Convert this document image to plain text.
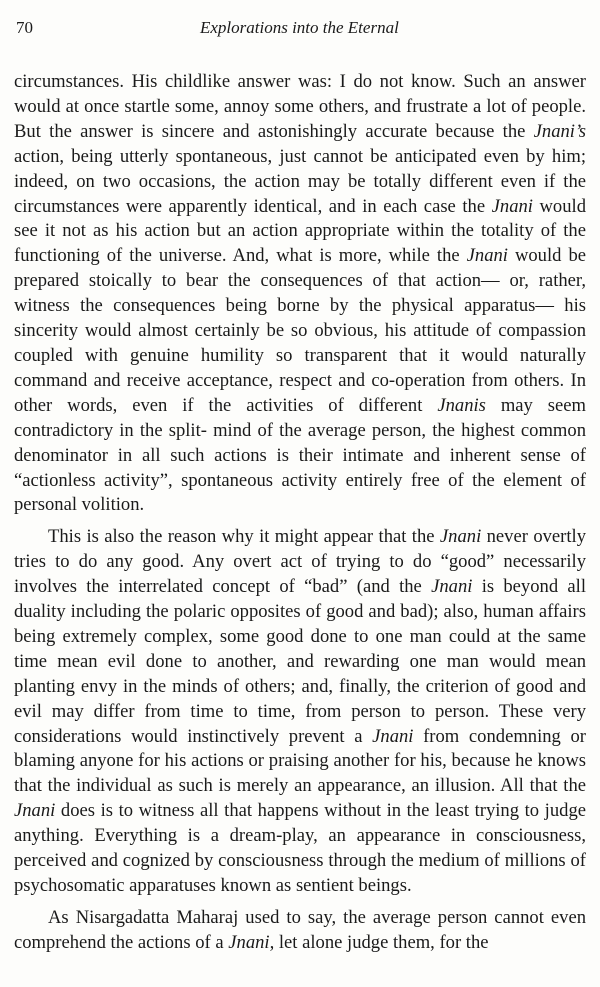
70	Explorations into the Eternal

circumstances. His childlike answer was: I do not know. Such an answer would at once startle some, annoy some others, and frustrate a lot of people. But the answer is sincere and astonishingly accurate because the Jnani’s action, being utterly spontaneous, just cannot be anticipated even by him; indeed, on two occasions, the action may be totally different even if the circumstances were apparently identical, and in each case the Jnani would see it not as his action but an action appropriate within the totality of the functioning of the universe. And, what is more, while the Jnani would be prepared stoically to bear the consequences of that action— or, rather, witness the consequences being borne by the physical apparatus— his sincerity would almost certainly be so obvious, his attitude of compassion coupled with genuine humility so transparent that it would naturally command and receive acceptance, respect and co-operation from others. In other words, even if the activities of different Jnanis may seem contradictory in the split- mind of the average person, the highest common denominator in all such actions is their intimate and inherent sense of “actionless activity”, spontaneous activity entirely free of the element of personal volition.

This is also the reason why it might appear that the Jnani never overtly tries to do any good. Any overt act of trying to do “good” necessarily involves the interrelated concept of “bad” (and the Jnani is beyond all duality including the polaric opposites of good and bad); also, human affairs being extremely complex, some good done to one man could at the same time mean evil done to another, and rewarding one man would mean planting envy in the minds of others; and, finally, the criterion of good and evil may differ from time to time, from person to person. These very considerations would instinctively prevent a Jnani from condemning or blaming anyone for his actions or praising another for his, because he knows that the individual as such is merely an appearance, an illusion. All that the Jnani does is to witness all that happens without in the least trying to judge anything. Everything is a dream-play, an appearance in consciousness, perceived and cognized by consciousness through the medium of millions of psychosomatic apparatuses known as sentient beings.

As Nisargadatta Maharaj used to say, the average person cannot even comprehend the actions of a Jnani, let alone judge them, for the
